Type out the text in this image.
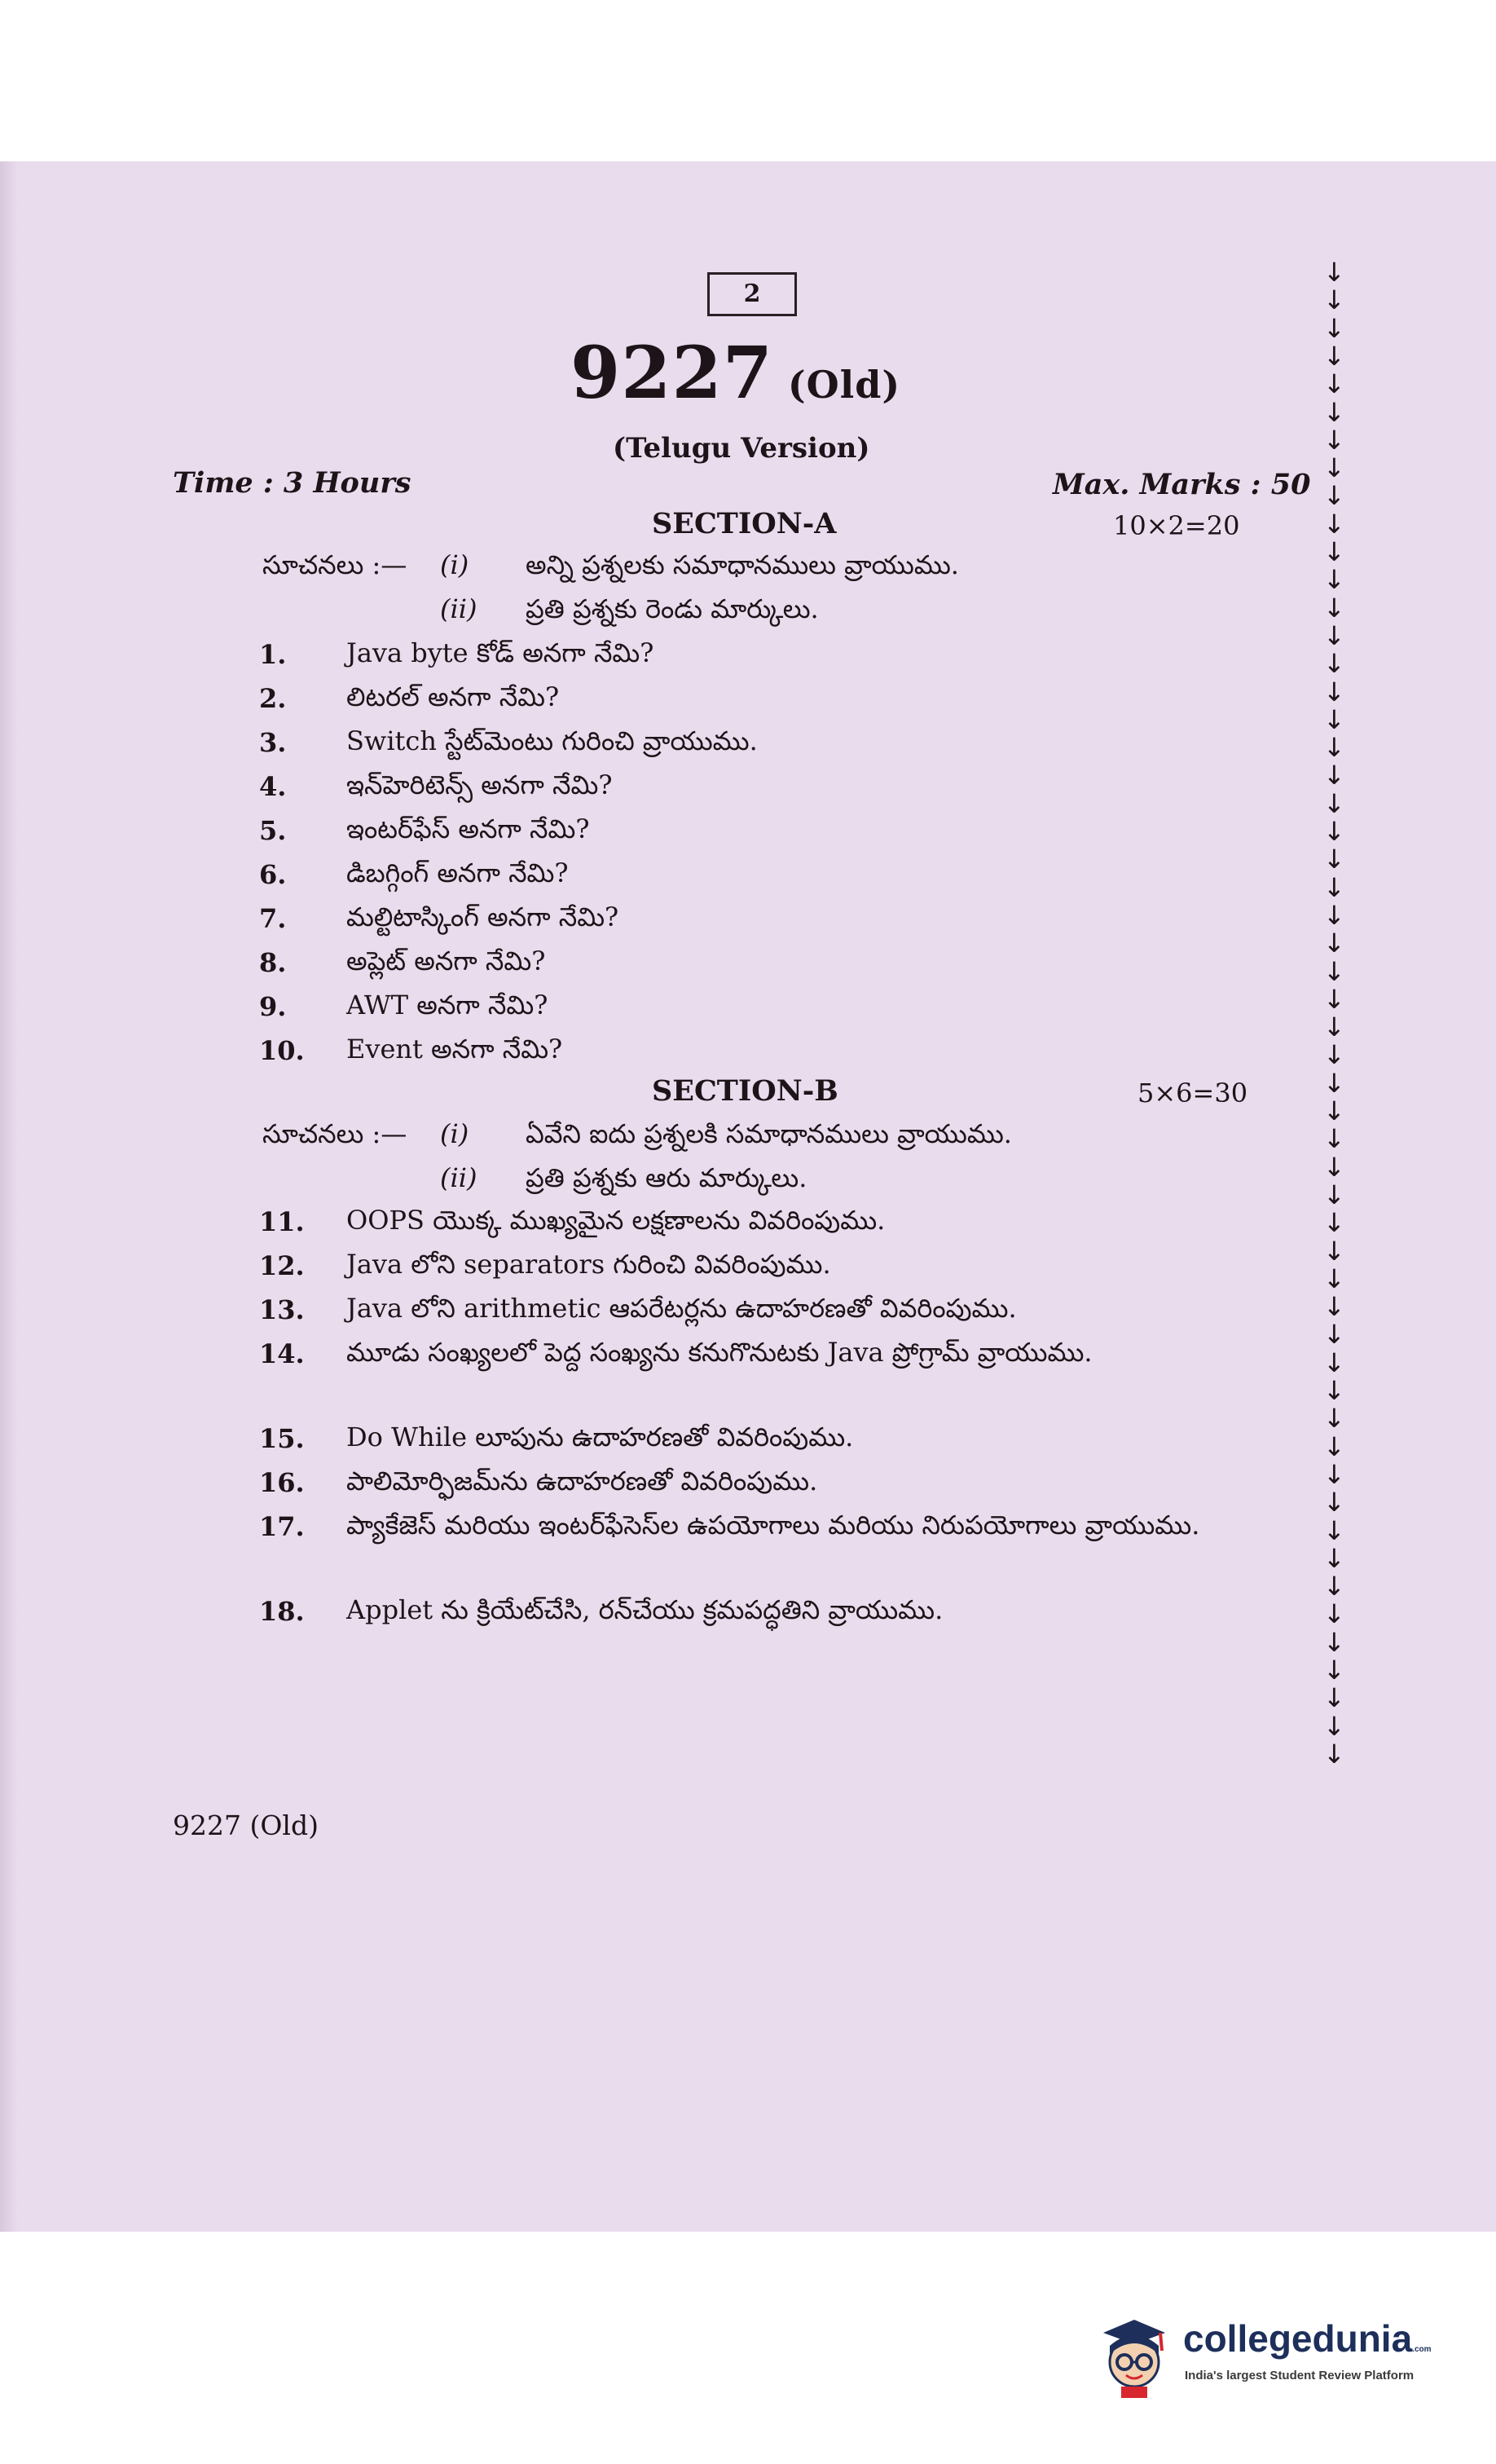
2
9227 (Old)
(Telugu Version)
Time : 3 Hours	Max. Marks : 50
SECTION-A	10×2=20
సూచనలు :— (i) అన్ని ప్రశ్నలకు సమాధానములు వ్రాయుము.
(ii) ప్రతి ప్రశ్నకు రెండు మార్కులు.
1. Java byte కోడ్ అనగా నేమి?
2. లిటరల్ అనగా నేమి?
3. Switch స్టేట్‌మెంటు గురించి వ్రాయుము.
4. ఇన్‌హెరిటెన్స్ అనగా నేమి?
5. ఇంటర్‌ఫేస్ అనగా నేమి?
6. డిబగ్గింగ్ అనగా నేమి?
7. మల్టిటాస్కింగ్ అనగా నేమి?
8. అప్లెట్ అనగా నేమి?
9. AWT అనగా నేమి?
10. Event అనగా నేమి?
SECTION-B	5×6=30
సూచనలు :— (i) ఏవేని ఐదు ప్రశ్నలకి సమాధానములు వ్రాయుము.
(ii) ప్రతి ప్రశ్నకు ఆరు మార్కులు.
11. OOPS యొక్క ముఖ్యమైన లక్షణాలను వివరింపుము.
12. Java లోని separators గురించి వివరింపుము.
13. Java లోని arithmetic ఆపరేటర్లను ఉదాహరణతో వివరింపుము.
14. మూడు సంఖ్యలలో పెద్ద సంఖ్యను కనుగొనుటకు Java ప్రోగ్రామ్ వ్రాయుము.
15. Do While లూపును ఉదాహరణతో వివరింపుము.
16. పాలిమోర్ఫిజమ్‌ను ఉదాహరణతో వివరింపుము.
17. ప్యాకేజెస్ మరియు ఇంటర్‌ఫేసెస్‌ల ఉపయోగాలు మరియు నిరుపయోగాలు వ్రాయుము.
18. Applet ను క్రియేట్‌చేసి, రన్‌చేయు క్రమపద్ధతిని వ్రాయుము.
9227 (Old)
↓
↓
↓
↓
↓
↓
↓
↓
↓
↓
↓
↓
↓
↓
↓
↓
↓
↓
↓
↓
↓
↓
↓
↓
↓
↓
↓
↓
↓
↓
↓
↓
↓
↓
↓
↓
↓
↓
↓
↓
↓
↓
↓
↓
↓
↓
↓
↓
↓
↓
↓
↓
↓
↓
collegedunia.com
India's largest Student Review Platform
